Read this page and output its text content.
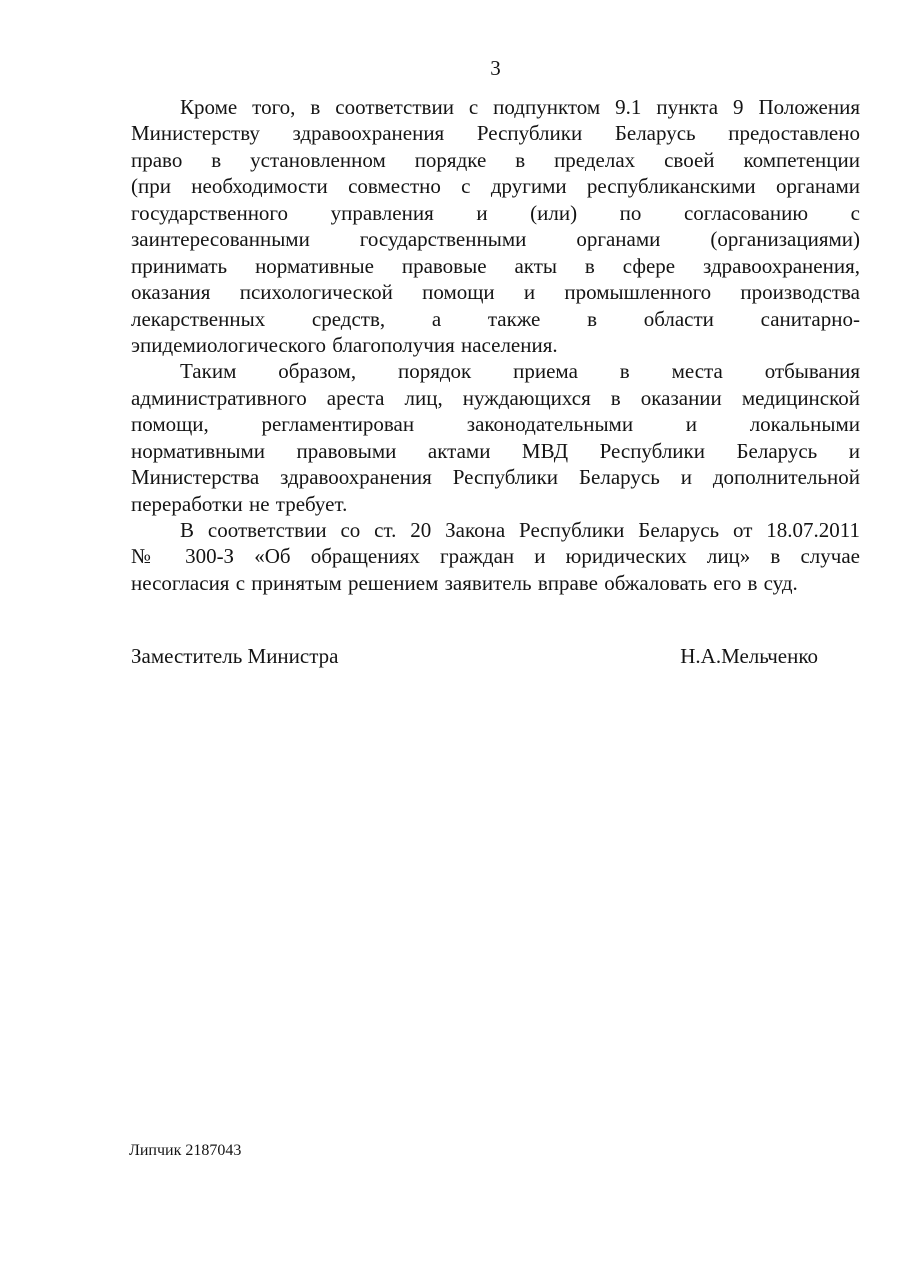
3
Кроме того, в соответствии с подпунктом 9.1 пункта 9 Положения
Министерству здравоохранения Республики Беларусь предоставлено
право в установленном порядке в пределах своей компетенции
(при необходимости совместно с другими республиканскими органами
государственного управления и (или) по согласованию с
заинтересованными государственными органами (организациями)
принимать нормативные правовые акты в сфере здравоохранения,
оказания психологической помощи и промышленного производства
лекарственных средств, а также в области санитарно-
эпидемиологического благополучия населения.
Таким образом, порядок приема в места отбывания
административного ареста лиц, нуждающихся в оказании медицинской
помощи, регламентирован законодательными и локальными
нормативными правовыми актами МВД Республики Беларусь и
Министерства здравоохранения Республики Беларусь и дополнительной
переработки не требует.
В соответствии со ст. 20 Закона Республики Беларусь от 18.07.2011
№ 300-З «Об обращениях граждан и юридических лиц» в случае
несогласия с принятым решением заявитель вправе обжаловать его в суд.
Заместитель Министра	Н.А.Мельченко
Липчик 2187043
